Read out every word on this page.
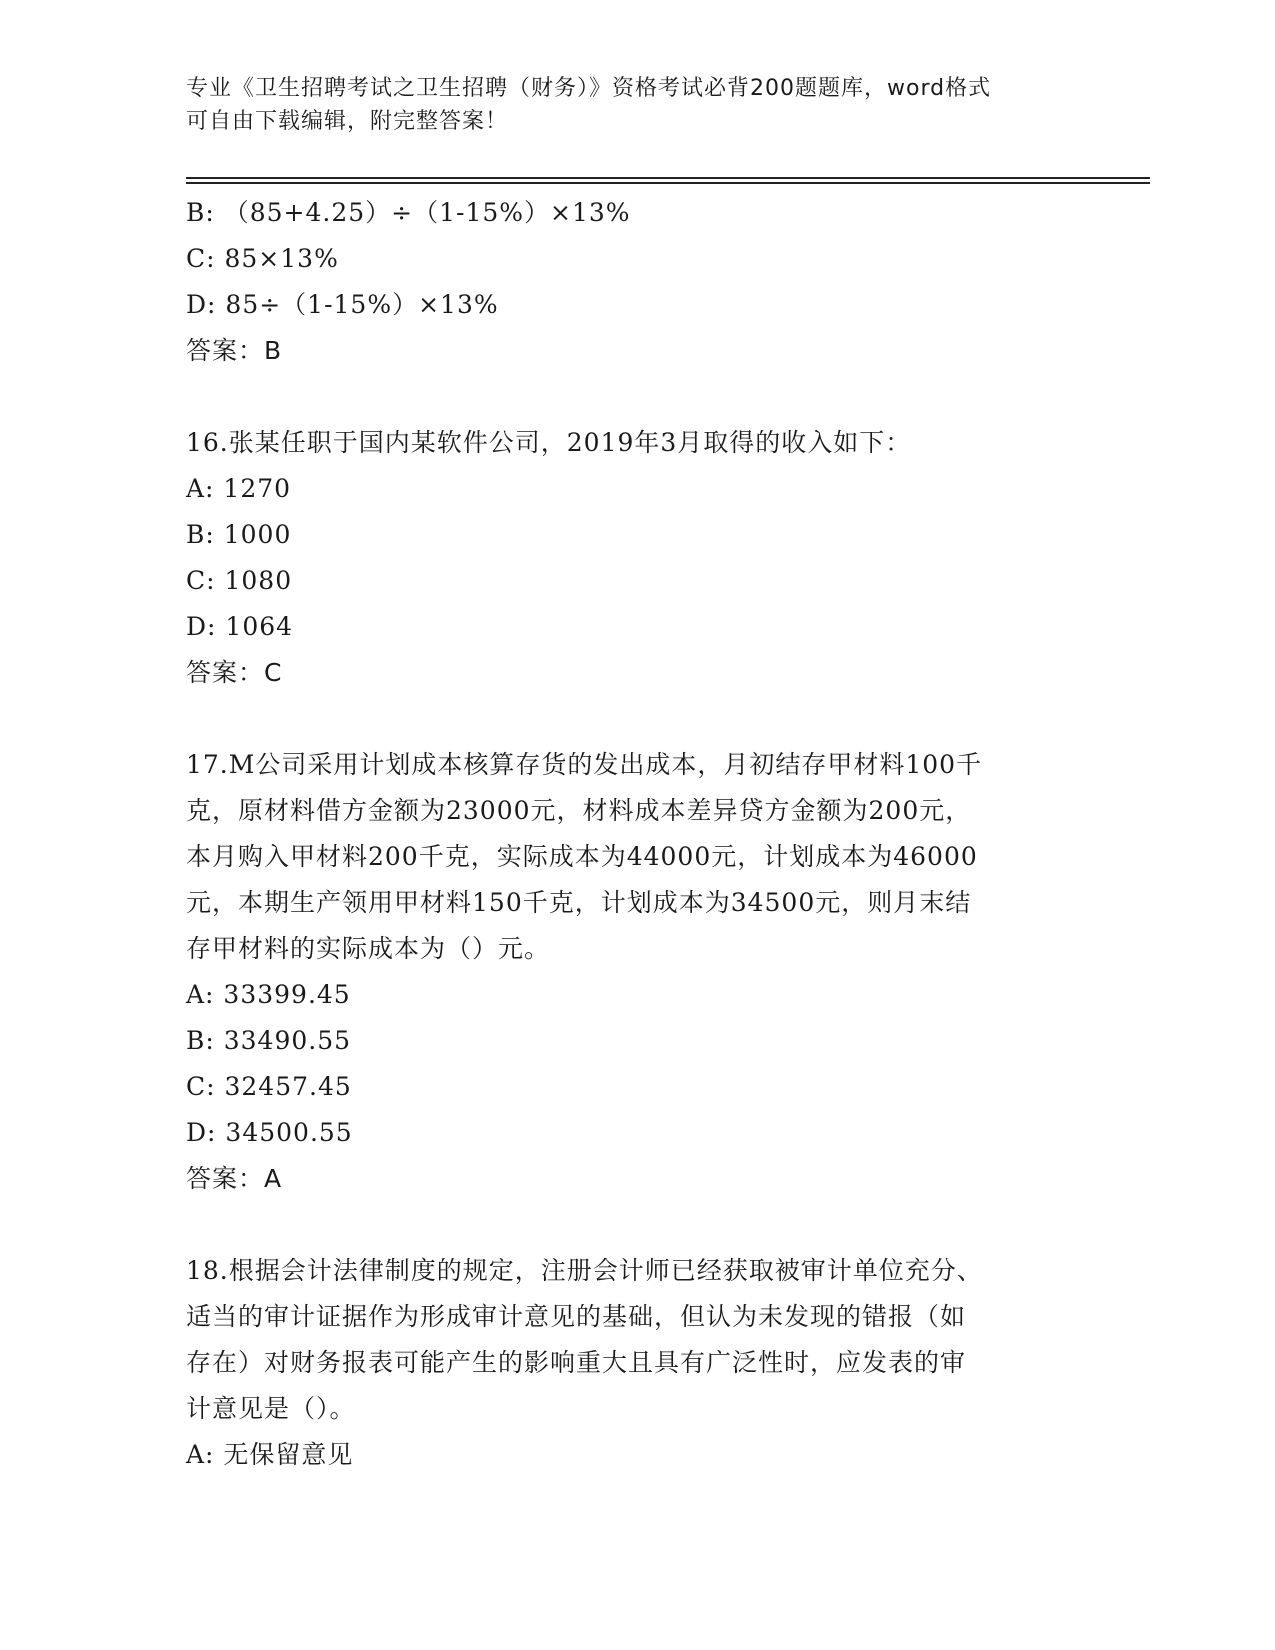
专业《卫生招聘考试之卫生招聘（财务）》资格考试必背200题题库，word格式

可自由下载编辑，附完整答案！

B: （85+4.25）÷（1-15%）×13%

C: 85×13%

D: 85÷（1-15%）×13%

答案：B

16.张某任职于国内某软件公司，2019年3月取得的收入如下：

A: 1270

B: 1000

C: 1080

D: 1064

答案：C

17.M公司采用计划成本核算存货的发出成本，月初结存甲材料100千

克，原材料借方金额为23000元，材料成本差异贷方金额为200元，

本月购入甲材料200千克，实际成本为44000元，计划成本为46000

元，本期生产领用甲材料150千克，计划成本为34500元，则月末结

存甲材料的实际成本为（）元。

A: 33399.45

B: 33490.55

C: 32457.45

D: 34500.55

答案：A

18.根据会计法律制度的规定，注册会计师已经获取被审计单位充分、

适当的审计证据作为形成审计意见的基础，但认为未发现的错报（如

存在）对财务报表可能产生的影响重大且具有广泛性时，应发表的审

计意见是（）。

A: 无保留意见
